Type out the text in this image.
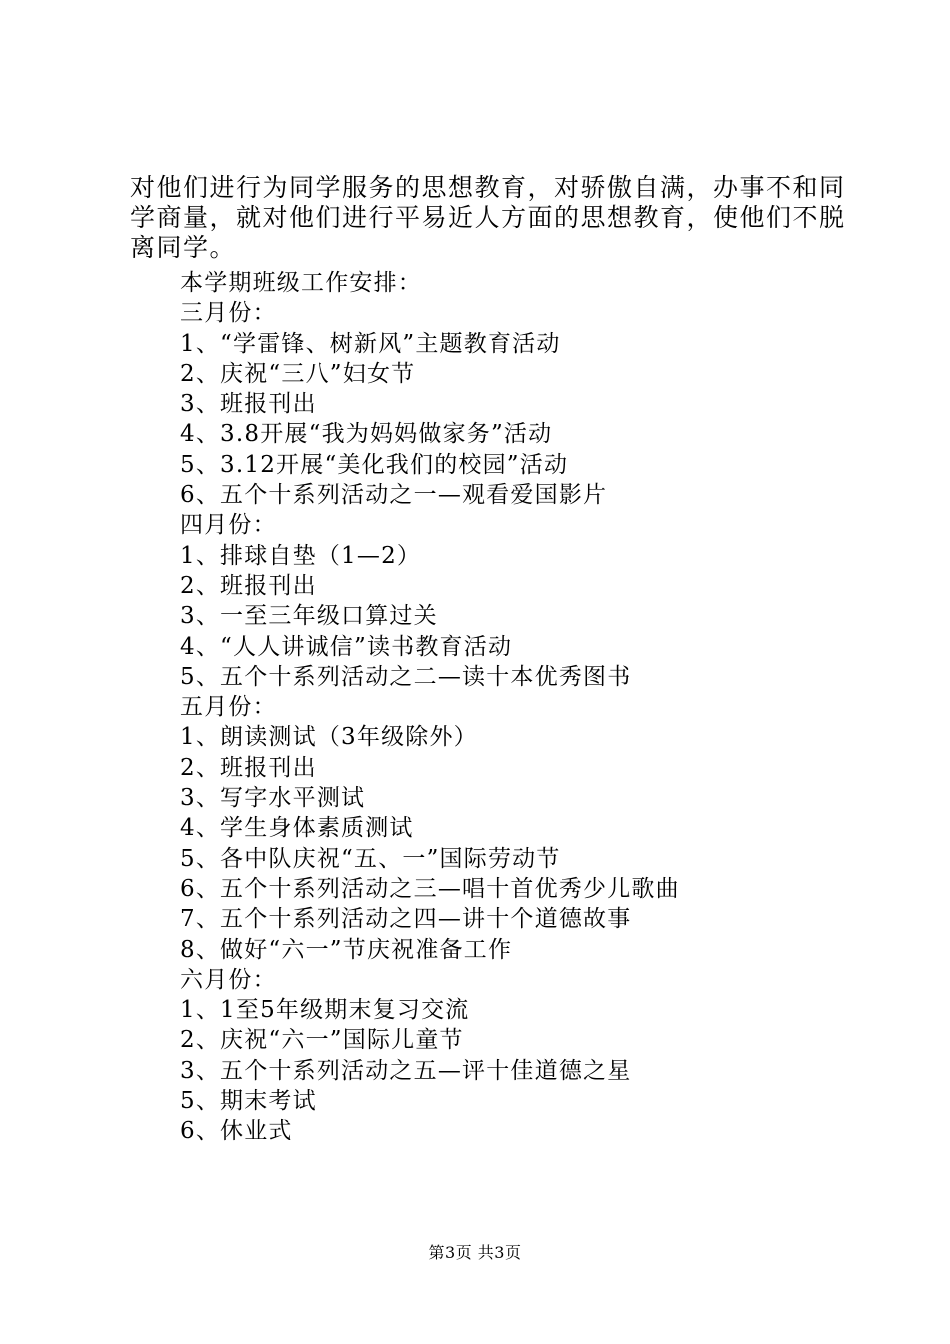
对他们进行为同学服务的思想教育，对骄傲自满，办事不和同
学商量，就对他们进行平易近人方面的思想教育，使他们不脱
离同学。
本学期班级工作安排：
三月份：
1、“学雷锋、树新风”主题教育活动
2、庆祝“三八”妇女节
3、班报刊出
4、3.8开展“我为妈妈做家务”活动
5、3.12开展“美化我们的校园”活动
6、五个十系列活动之一—观看爱国影片
四月份：
1、排球自垫（1—2）
2、班报刊出
3、一至三年级口算过关
4、“人人讲诚信”读书教育活动
5、五个十系列活动之二—读十本优秀图书
五月份：
1、朗读测试（3年级除外）
2、班报刊出
3、写字水平测试
4、学生身体素质测试
5、各中队庆祝“五、一”国际劳动节
6、五个十系列活动之三—唱十首优秀少儿歌曲
7、五个十系列活动之四—讲十个道德故事
8、做好“六一”节庆祝准备工作
六月份：
1、1至5年级期末复习交流
2、庆祝“六一”国际儿童节
3、五个十系列活动之五—评十佳道德之星
5、期末考试
6、休业式
第3页 共3页
